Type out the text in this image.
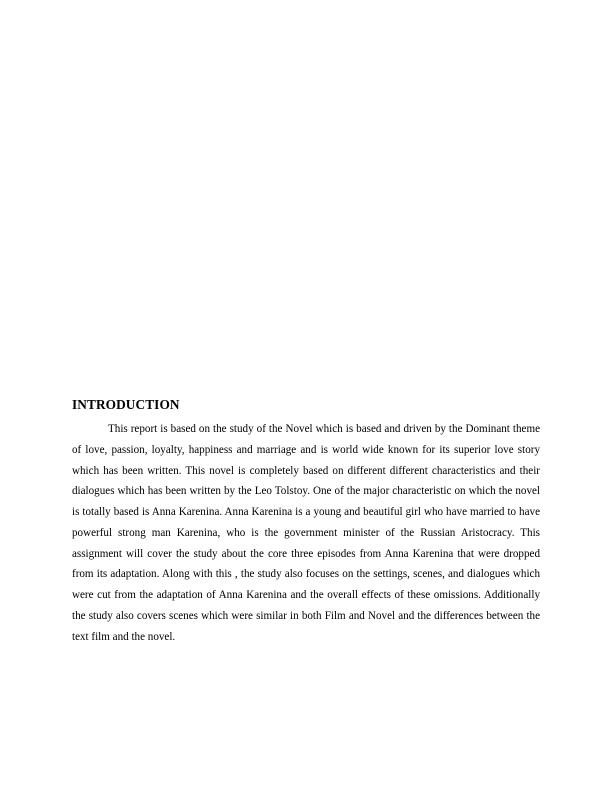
INTRODUCTION

This report is based on the study of the Novel which is based and driven by the Dominant theme of love, passion, loyalty, happiness and marriage and is world wide known for its superior love story which has been written. This novel is completely based on different different characteristics and their dialogues which has been written by the Leo Tolstoy. One of the major characteristic on which the novel is totally based is Anna Karenina. Anna Karenina is a young and beautiful girl who have married to have powerful strong man Karenina, who is the government minister of the Russian Aristocracy. This assignment will cover the study about the core three episodes from Anna Karenina that were dropped from its adaptation. Along with this , the study also focuses on the settings, scenes, and dialogues which were cut from the adaptation of Anna Karenina and the overall effects of these omissions. Additionally the study also covers scenes which were similar in both Film and Novel and the differences between the text film and the novel.
